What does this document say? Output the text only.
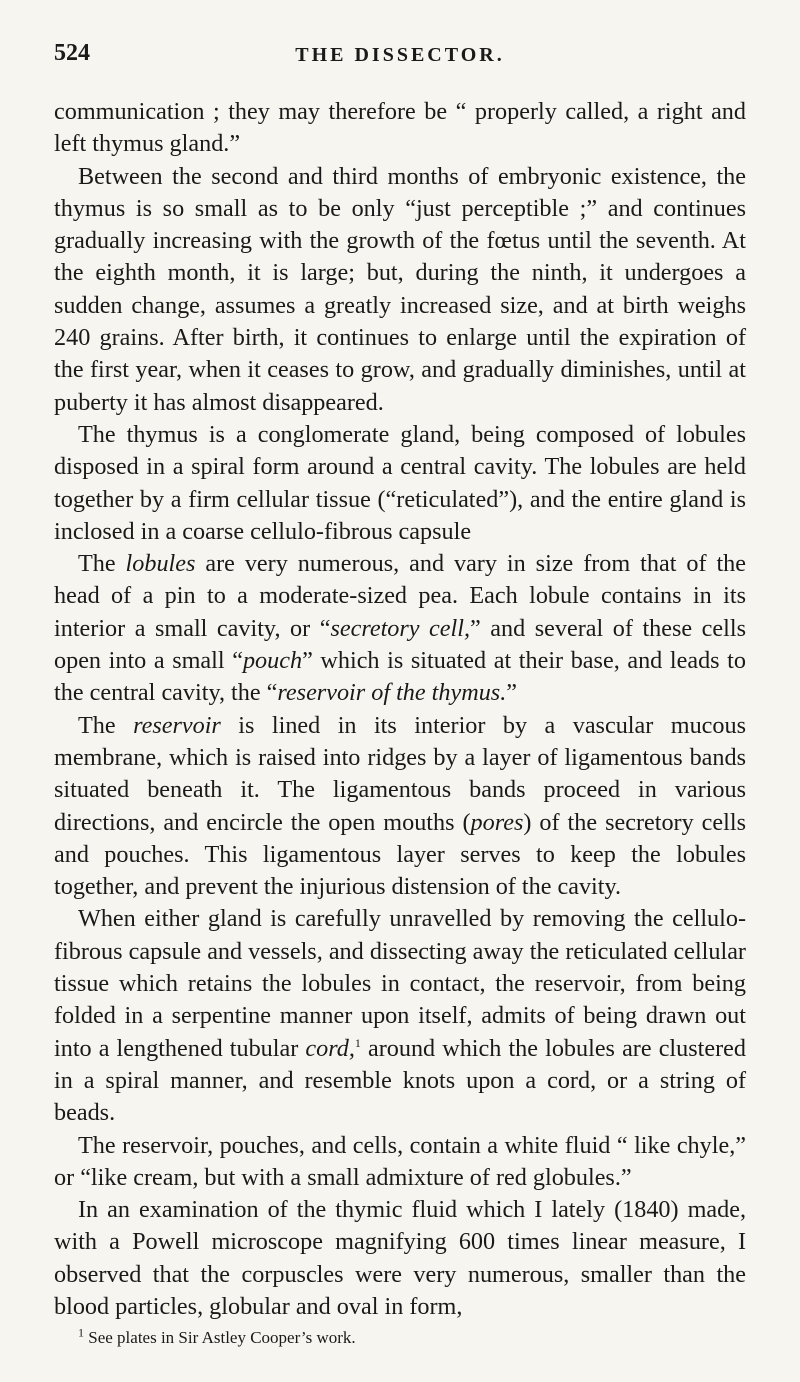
524	THE DISSECTOR.

communication ; they may therefore be “ properly called, a right and left thymus gland.”

Between the second and third months of embryonic existence, the thymus is so small as to be only “just perceptible ;” and continues gradually increasing with the growth of the fœtus until the seventh. At the eighth month, it is large; but, during the ninth, it undergoes a sudden change, assumes a greatly increased size, and at birth weighs 240 grains. After birth, it continues to enlarge until the expiration of the first year, when it ceases to grow, and gradually diminishes, until at puberty it has almost disappeared.

The thymus is a conglomerate gland, being composed of lobules disposed in a spiral form around a central cavity. The lobules are held together by a firm cellular tissue (“reticulated”), and the entire gland is inclosed in a coarse cellulo-fibrous capsule

The lobules are very numerous, and vary in size from that of the head of a pin to a moderate-sized pea. Each lobule contains in its interior a small cavity, or “secretory cell,” and several of these cells open into a small “pouch” which is situated at their base, and leads to the central cavity, the “reservoir of the thymus.”

The reservoir is lined in its interior by a vascular mucous membrane, which is raised into ridges by a layer of ligamentous bands situated beneath it. The ligamentous bands proceed in various directions, and encircle the open mouths (pores) of the secretory cells and pouches. This ligamentous layer serves to keep the lobules together, and prevent the injurious distension of the cavity.

When either gland is carefully unravelled by removing the cellulo-fibrous capsule and vessels, and dissecting away the reticulated cellular tissue which retains the lobules in contact, the reservoir, from being folded in a serpentine manner upon itself, admits of being drawn out into a lengthened tubular cord,$^1$ around which the lobules are clustered in a spiral manner, and resemble knots upon a cord, or a string of beads.

The reservoir, pouches, and cells, contain a white fluid “ like chyle,” or “like cream, but with a small admixture of red globules.”

In an examination of the thymic fluid which I lately (1840) made, with a Powell microscope magnifying 600 times linear measure, I observed that the corpuscles were very numerous, smaller than the blood particles, globular and oval in form,

$^1$ See plates in Sir Astley Cooper’s work.
